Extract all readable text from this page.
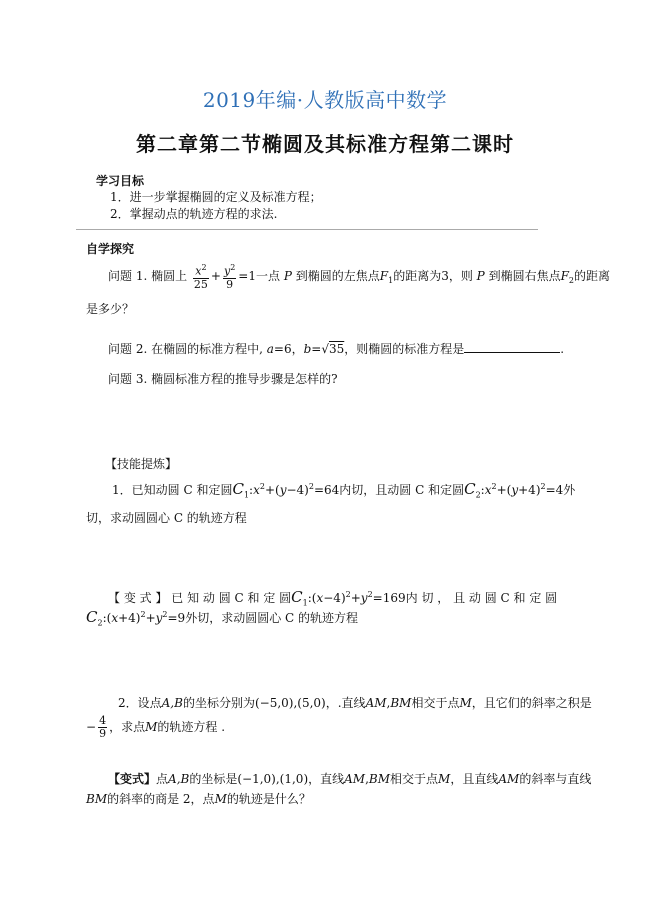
2019年编·人教版高中数学
第二章第二节椭圆及其标准方程第二课时
学习目标
1．进一步掌握椭圆的定义及标准方程；
2．掌握动点的轨迹方程的求法.
自学探究
问题 1. 椭圆上 $\frac{x^2}{25} + \frac{y^2}{9} =1$一点 P 到椭圆的左焦点$F_1$的距离为3，则 P 到椭圆右焦点$F_2$的距离
是多少？
问题 2. 在椭圆的标准方程中, a=6，b=√35，则椭圆的标准方程是	.
问题 3. 椭圆标准方程的推导步骤是怎样的?
【技能提炼】
1．已知动圆 C 和定圆$C_1:x^2+(y-4)^2=64$内切，且动圆 C 和定圆$C_2:x^2+(y+4)^2=4$外
切，求动圆圆心 C 的轨迹方程
【 变 式 】 已 知 动 圆 C 和 定 圆$C_1:(x-4)^2+y^2=169$内 切 ， 且 动 圆 C 和 定 圆
$C_2:(x+4)^2+y^2=9$外切，求动圆圆心 C 的轨迹方程
2．设点A,B的坐标分别为(−5,0),(5,0)，.直线AM,BM相交于点M，且它们的斜率之积是
− $\frac{4}{9}$ ，求点M的轨迹方程 .
【变式】点A,B的坐标是(−1,0),(1,0)，直线AM,BM相交于点M，且直线AM的斜率与直线
BM的斜率的商是 2，点M的轨迹是什么？
